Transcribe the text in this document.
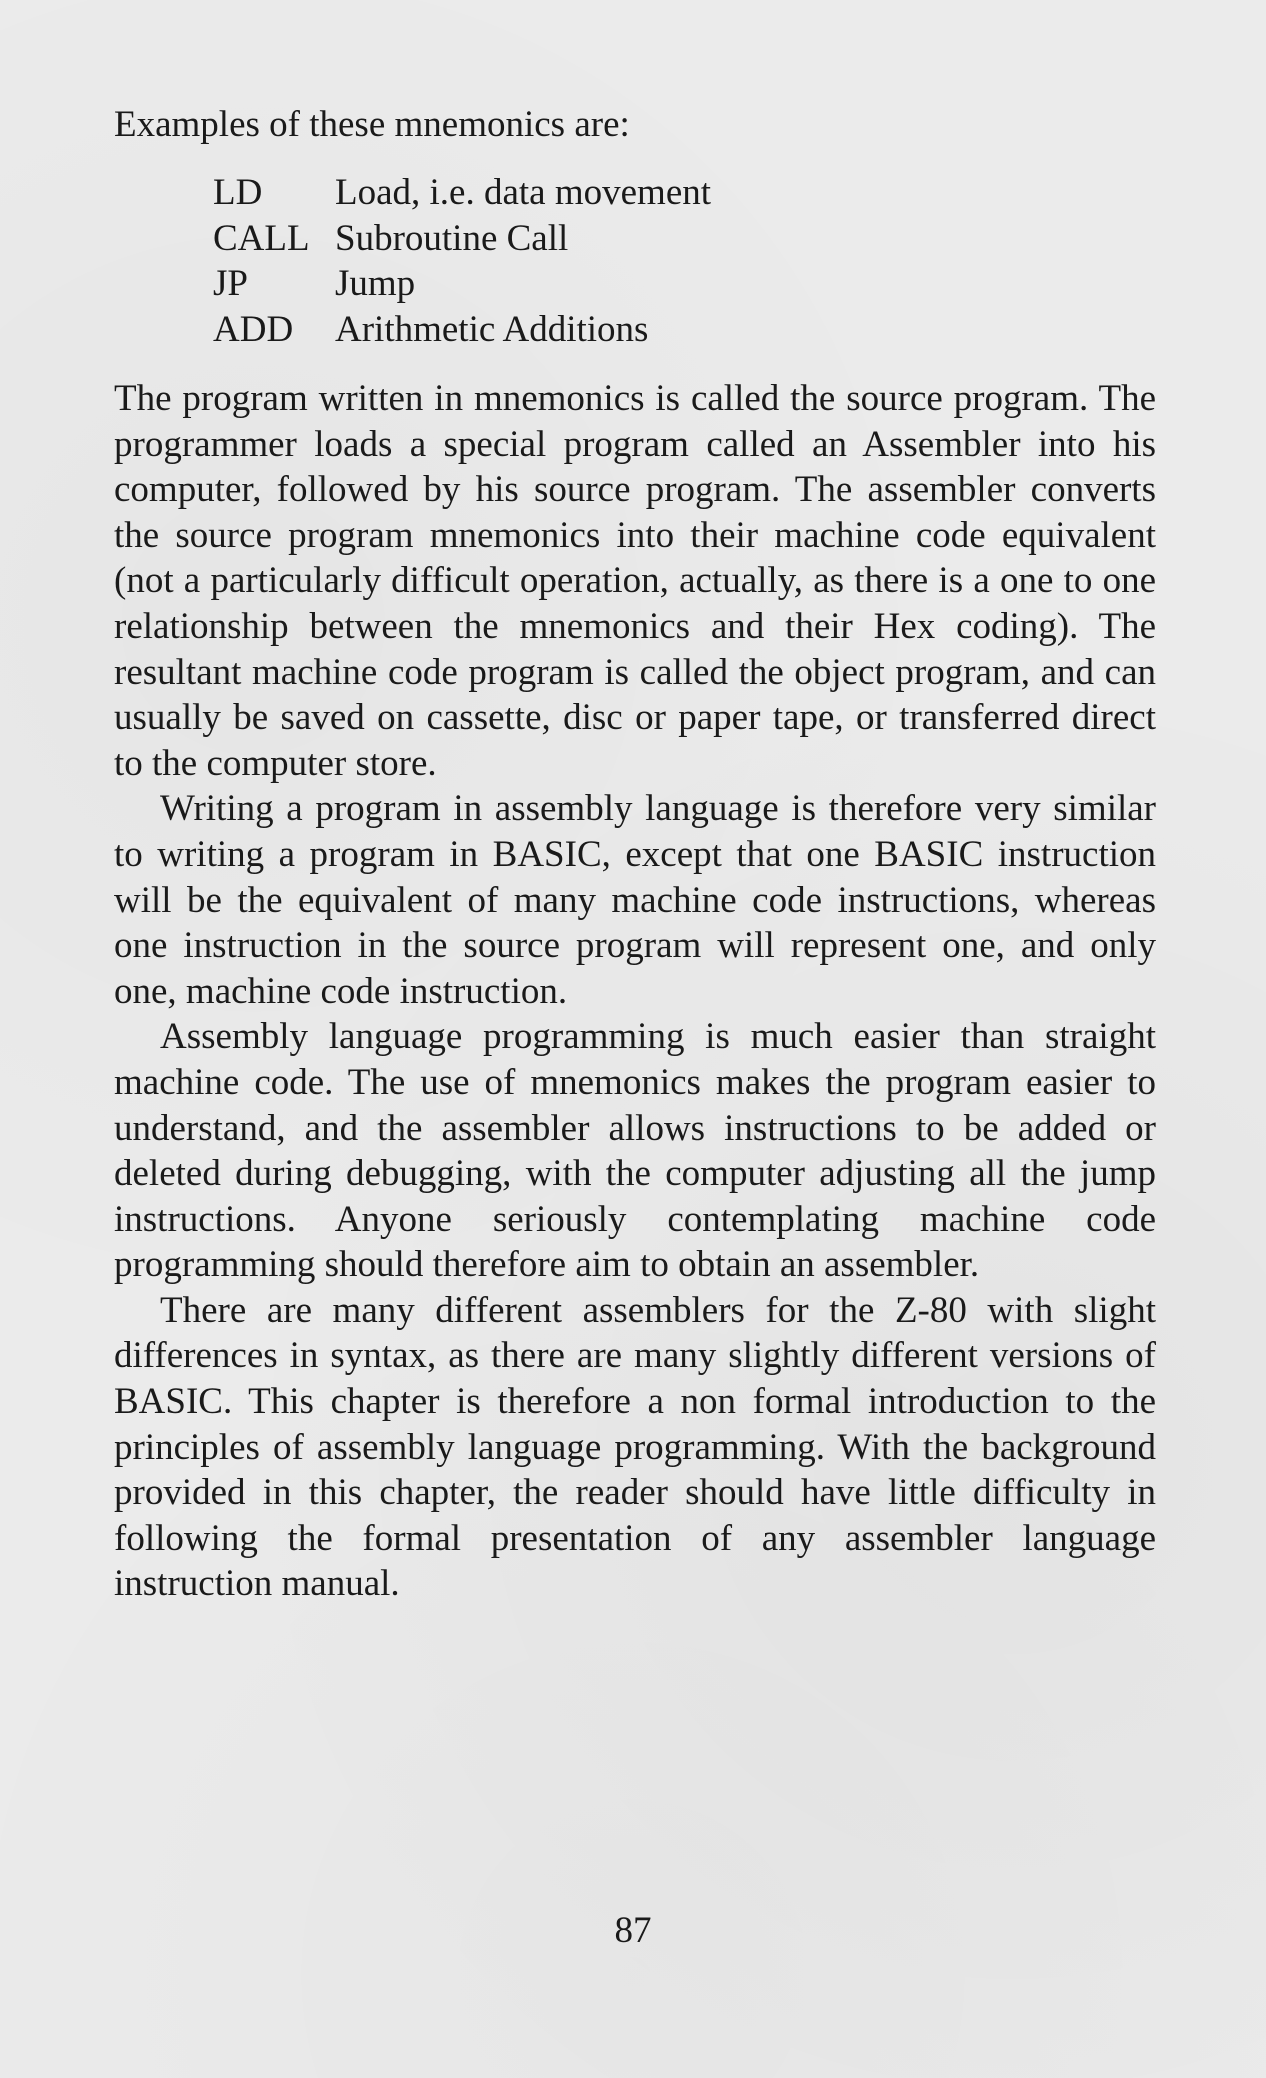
Examples of these mnemonics are:

LD	Load, i.e. data movement
CALL Subroutine Call
JP	Jump
ADD	Arithmetic Additions

The program written in mnemonics is called the source program. The programmer loads a special program called an Assembler into his computer, followed by his source program. The assembler converts the source program mnemonics into their machine code equivalent (not a particularly difficult operation, actually, as there is a one to one relationship between the mnemonics and their Hex coding). The resultant machine code program is called the object program, and can usually be saved on cassette, disc or paper tape, or transferred direct to the computer store.

Writing a program in assembly language is therefore very similar to writing a program in BASIC, except that one BASIC instruction will be the equivalent of many machine code instructions, whereas one instruction in the source program will represent one, and only one, machine code instruction.

Assembly language programming is much easier than straight machine code. The use of mnemonics makes the program easier to understand, and the assembler allows instructions to be added or deleted during debugging, with the computer adjusting all the jump instructions. Anyone seriously contemplating machine code programming should therefore aim to obtain an assembler.

There are many different assemblers for the Z-80 with slight differences in syntax, as there are many slightly different versions of BASIC. This chapter is therefore a non formal introduction to the principles of assembly language programming. With the background provided in this chapter, the reader should have little difficulty in following the formal presentation of any assembler language instruction manual.

87
